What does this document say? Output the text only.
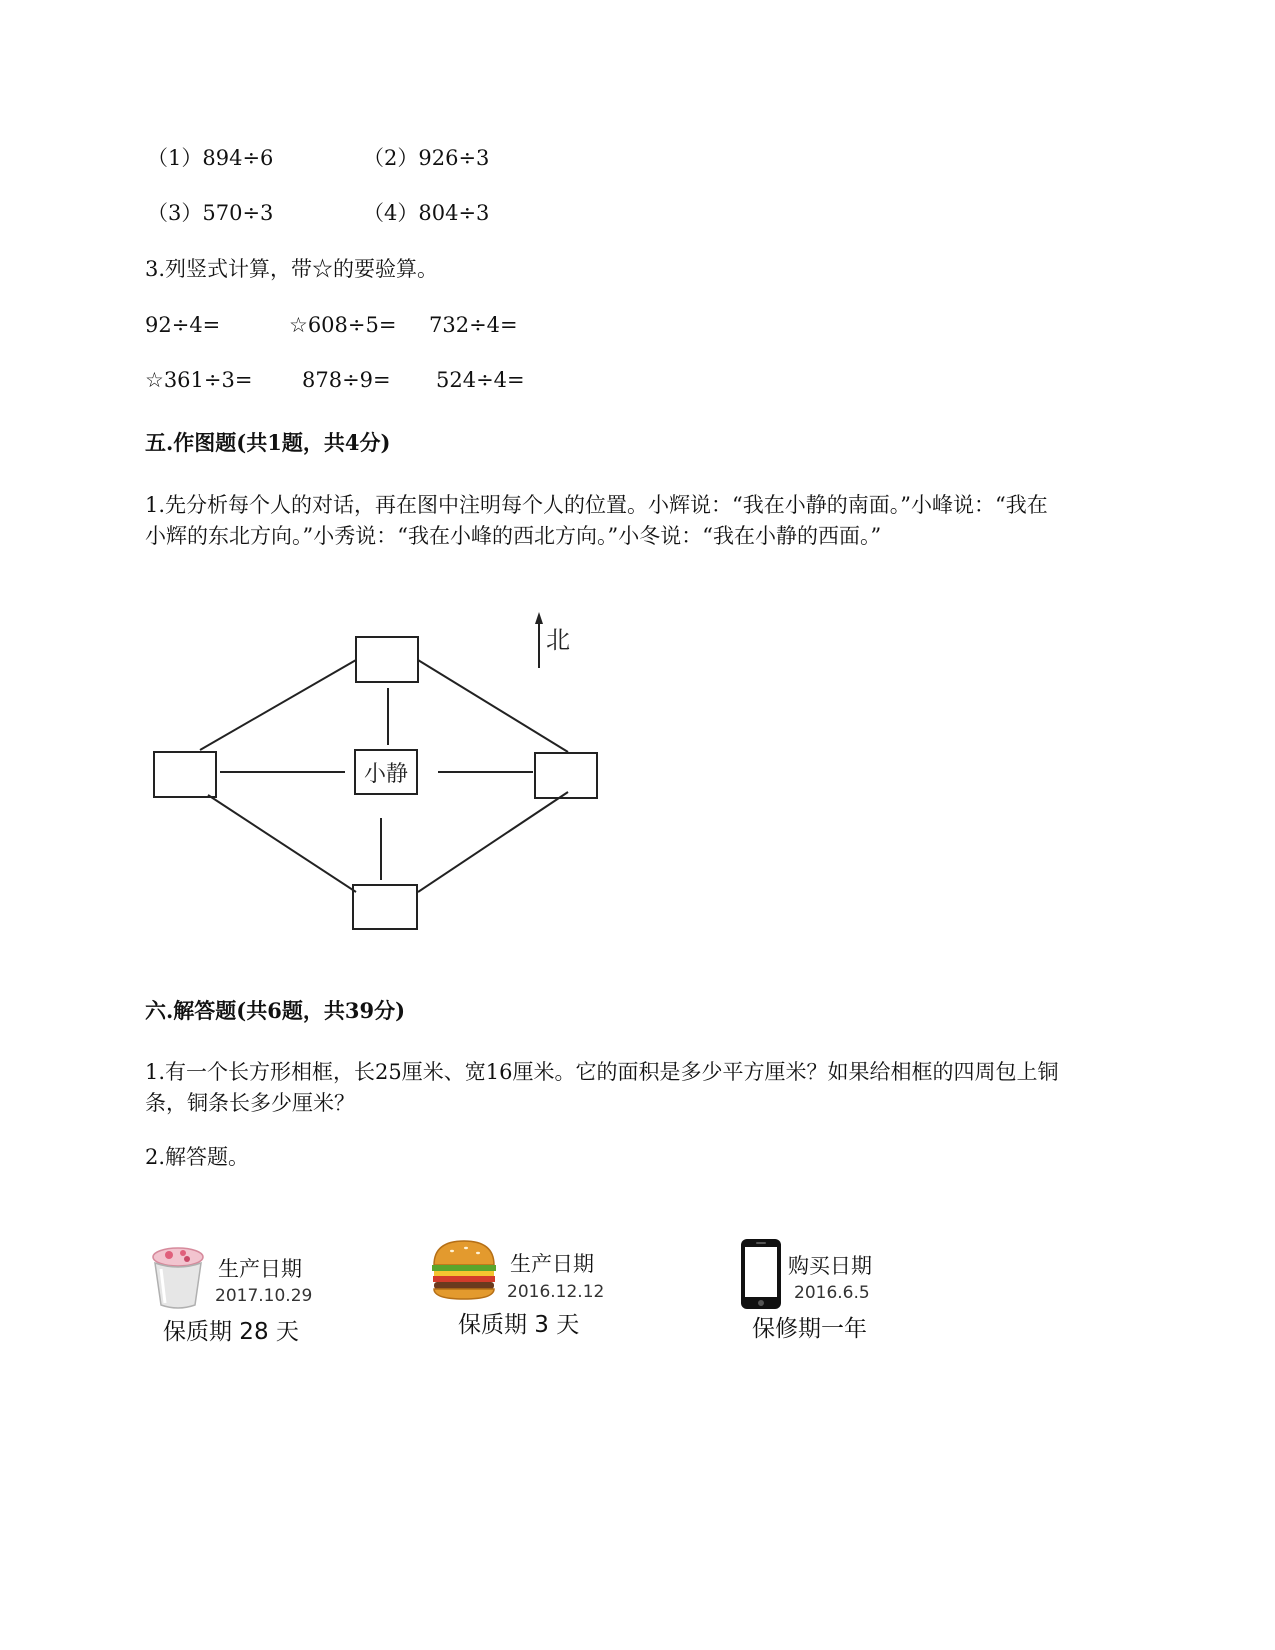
（1）894÷6	（2）926÷3
（3）570÷3	（4）804÷3
3.列竖式计算，带☆的要验算。
92÷4=	☆608÷5= 732÷4=
☆361÷3= 878÷9= 524÷4=
五.作图题(共1题，共4分)
1.先分析每个人的对话，再在图中注明每个人的位置。小辉说：“我在小静的南面。”小峰说：“我在小辉的东北方向。”小秀说：“我在小峰的西北方向。”小冬说：“我在小静的西面。”
北
小静
六.解答题(共6题，共39分)
1.有一个长方形相框，长25厘米、宽16厘米。它的面积是多少平方厘米？如果给相框的四周包上铜条，铜条长多少厘米？
2.解答题。
生产日期
2017.10.29
保质期 28 天
生产日期
2016.12.12
保质期 3 天
购买日期
2016.6.5
保修期一年
